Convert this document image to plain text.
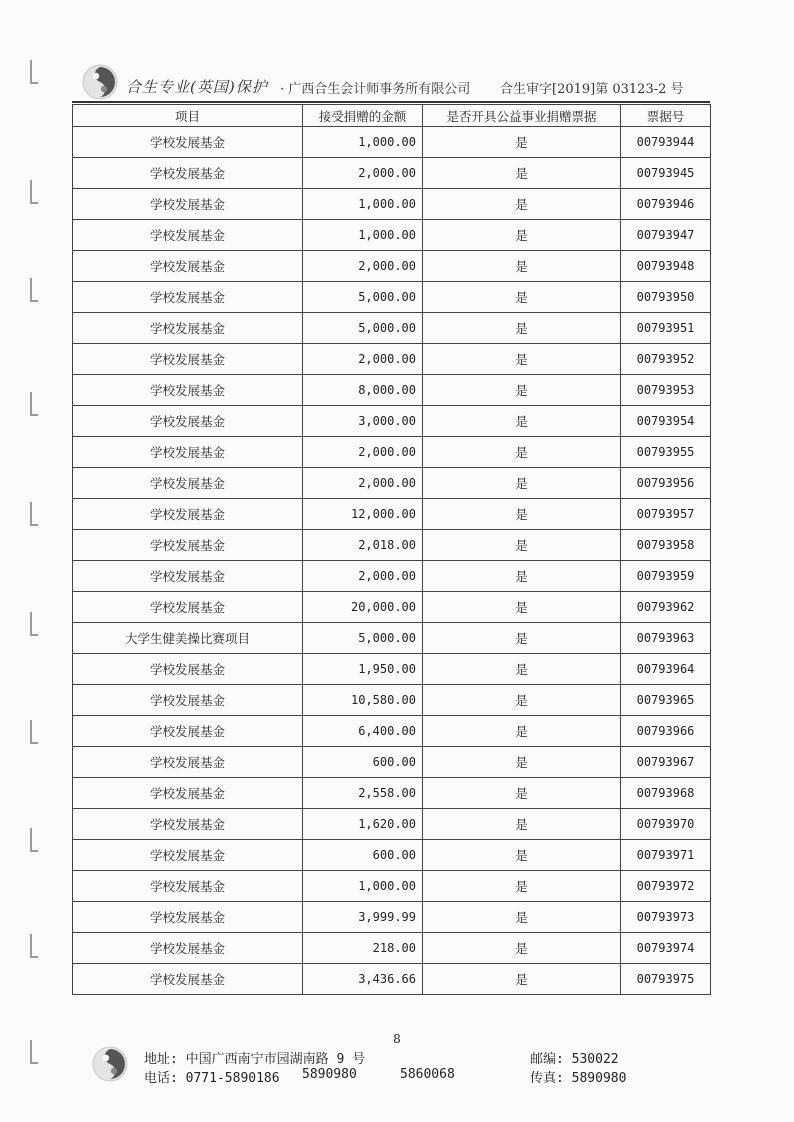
合生专业(英国)保护 · 广西合生会计师事务所有限公司 合生审字[2019]第 03123-2 号
项目	接受捐赠的金额	是否开具公益事业捐赠票据	票据号
学校发展基金	1,000.00	是	00793944
学校发展基金	2,000.00	是	00793945
学校发展基金	1,000.00	是	00793946
学校发展基金	1,000.00	是	00793947
学校发展基金	2,000.00	是	00793948
学校发展基金	5,000.00	是	00793950
学校发展基金	5,000.00	是	00793951
学校发展基金	2,000.00	是	00793952
学校发展基金	8,000.00	是	00793953
学校发展基金	3,000.00	是	00793954
学校发展基金	2,000.00	是	00793955
学校发展基金	2,000.00	是	00793956
学校发展基金	12,000.00	是	00793957
学校发展基金	2,018.00	是	00793958
学校发展基金	2,000.00	是	00793959
学校发展基金	20,000.00	是	00793962
大学生健美操比赛项目	5,000.00	是	00793963
学校发展基金	1,950.00	是	00793964
学校发展基金	10,580.00	是	00793965
学校发展基金	6,400.00	是	00793966
学校发展基金	600.00	是	00793967
学校发展基金	2,558.00	是	00793968
学校发展基金	1,620.00	是	00793970
学校发展基金	600.00	是	00793971
学校发展基金	1,000.00	是	00793972
学校发展基金	3,999.99	是	00793973
学校发展基金	218.00	是	00793974
学校发展基金	3,436.66	是	00793975
8
地址: 中国广西南宁市园湖南路 9 号	邮编: 530022
电话: 0771-5890186 5890980	5860068	传真: 5890980
